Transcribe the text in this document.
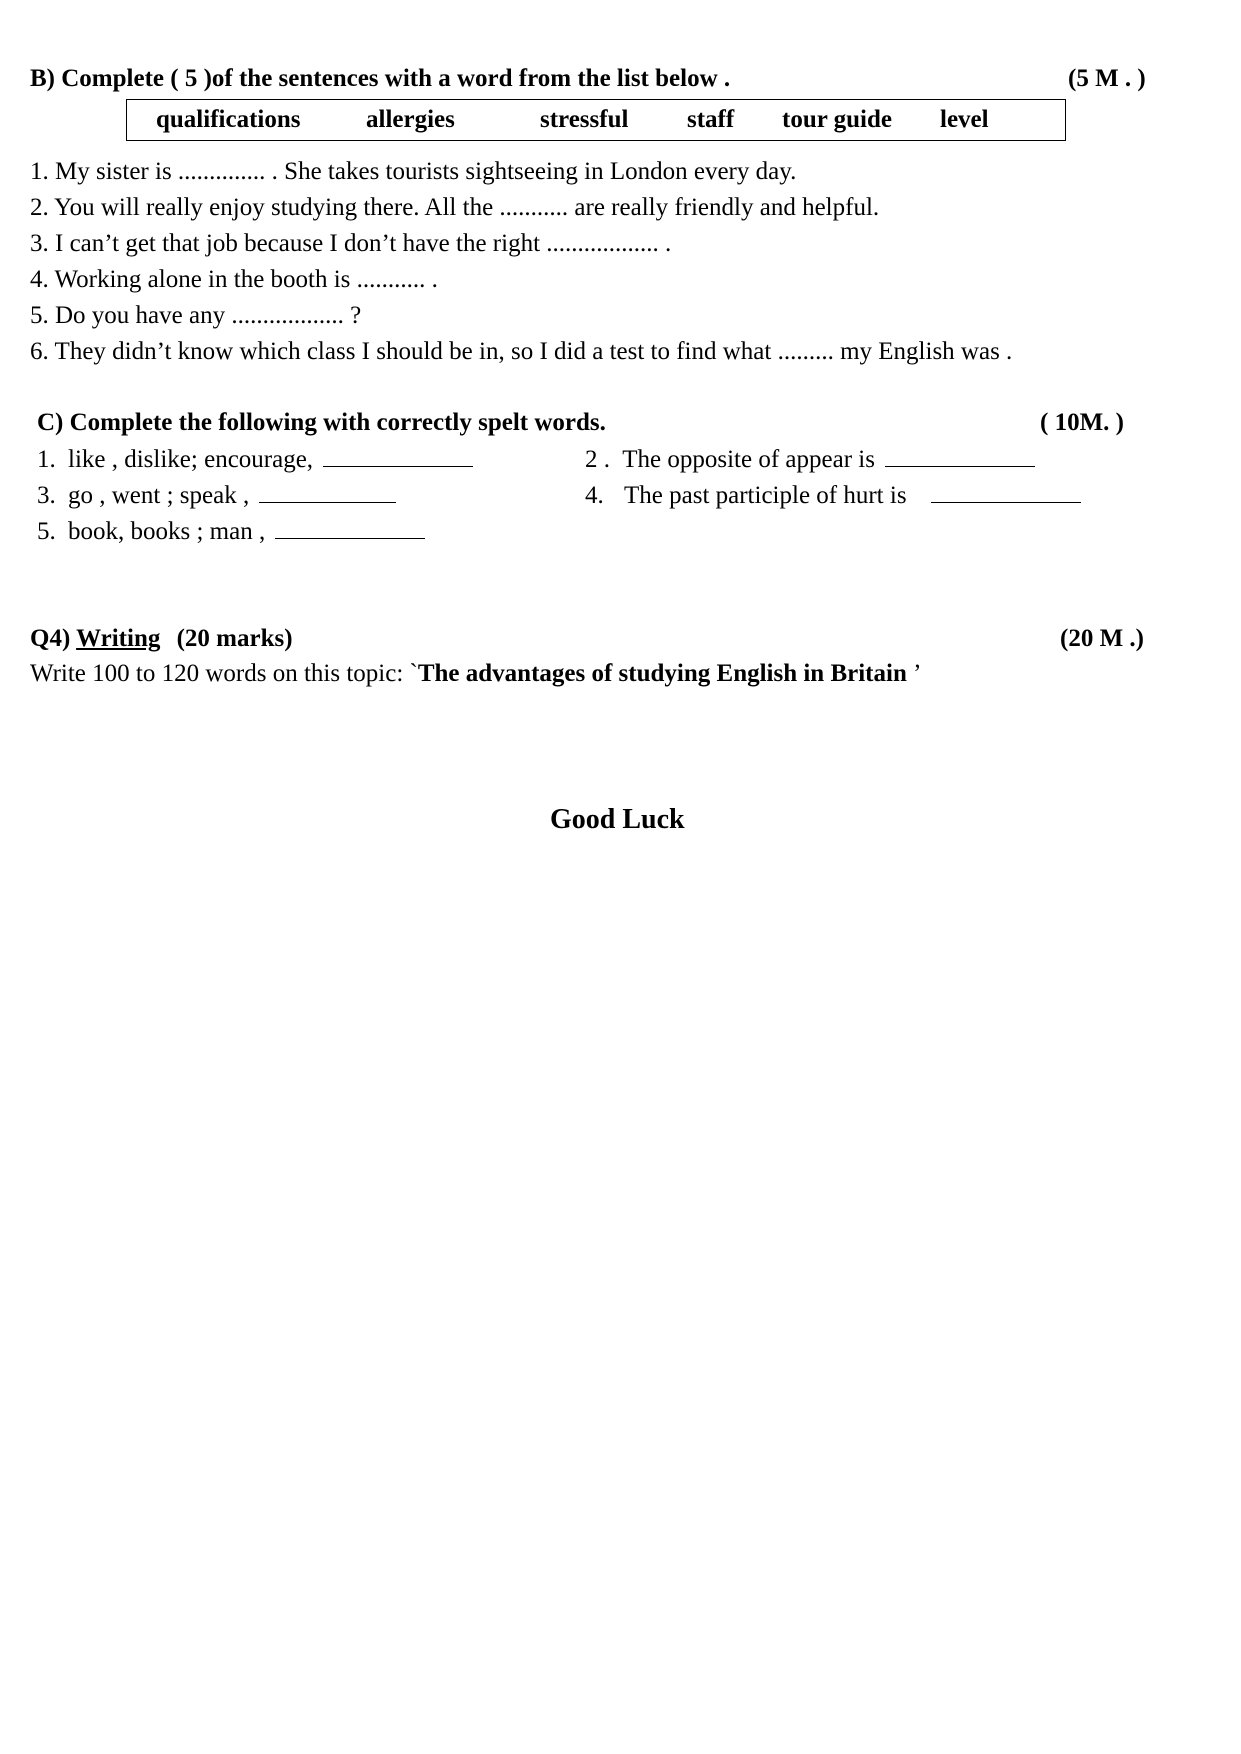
B) Complete ( 5 )of the sentences with a word from the list below .	(5 M . )
qualifications	allergies	stressful staff tour guide level
1. My sister is .............. . She takes tourists sightseeing in London every day.
2. You will really enjoy studying there. All the ........... are really friendly and helpful.
3. I can’t get that job because I don’t have the right .................. .
4. Working alone in the booth is ........... .
5. Do you have any .................. ?
6. They didn’t know which class I should be in, so I did a test to find what ......... my English was .
C) Complete the following with correctly spelt words.	( 10M. )
1. like , dislike; encourage,	2 . The opposite of appear is
3. go , went ; speak ,	4. The past participle of hurt is
5. book, books ; man ,
Q4) Writing (20 marks)	(20 M .)
Write 100 to 120 words on this topic: `The advantages of studying English in Britain ’
Good Luck
